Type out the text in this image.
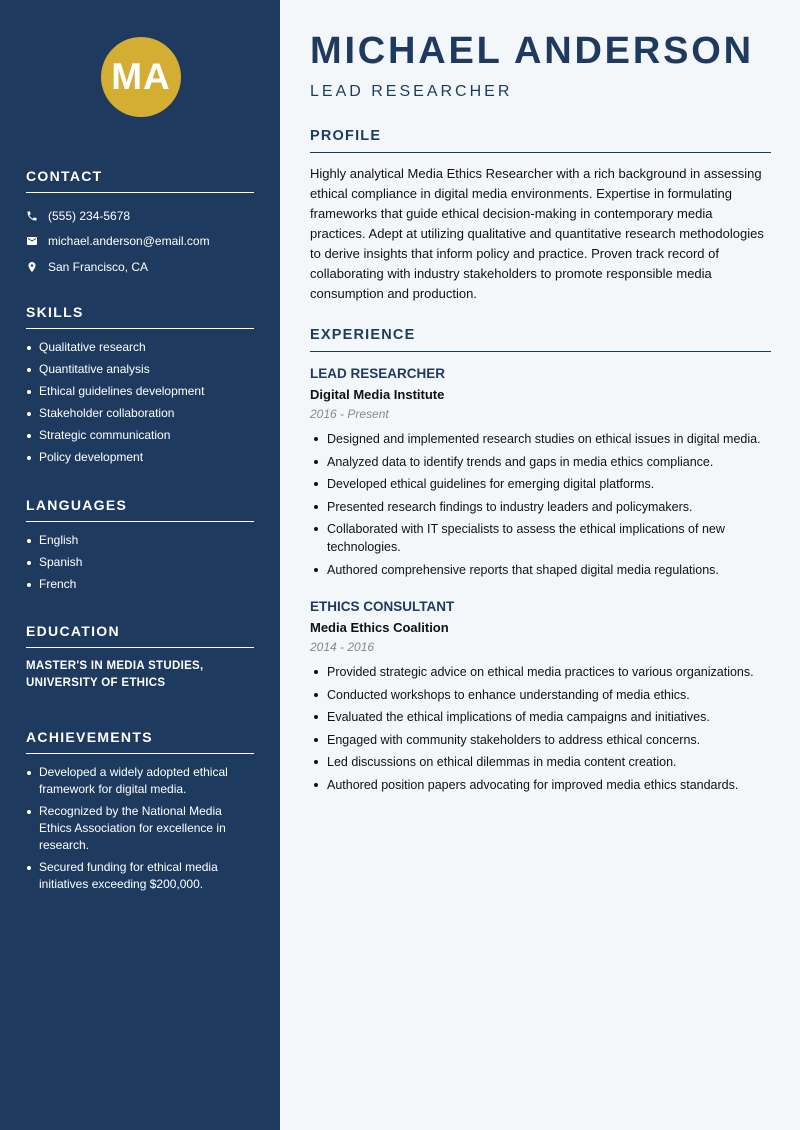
MA
CONTACT
(555) 234-5678
michael.anderson@email.com
San Francisco, CA
SKILLS
Qualitative research
Quantitative analysis
Ethical guidelines development
Stakeholder collaboration
Strategic communication
Policy development
LANGUAGES
English
Spanish
French
EDUCATION

MASTER'S IN MEDIA STUDIES, UNIVERSITY OF ETHICS

ACHIEVEMENTS
Developed a widely adopted ethical framework for digital media.
Recognized by the National Media Ethics Association for excellence in research.
Secured funding for ethical media initiatives exceeding $200,000.
MICHAEL ANDERSON
LEAD RESEARCHER
PROFILE

Highly analytical Media Ethics Researcher with a rich background in assessing ethical compliance in digital media environments. Expertise in formulating frameworks that guide ethical decision-making in contemporary media practices. Adept at utilizing qualitative and quantitative research methodologies to derive insights that inform policy and practice. Proven track record of collaborating with industry stakeholders to promote responsible media consumption and production.

EXPERIENCE
LEAD RESEARCHER
Digital Media Institute
2016 - Present
Designed and implemented research studies on ethical issues in digital media.
Analyzed data to identify trends and gaps in media ethics compliance.
Developed ethical guidelines for emerging digital platforms.
Presented research findings to industry leaders and policymakers.
Collaborated with IT specialists to assess the ethical implications of new technologies.
Authored comprehensive reports that shaped digital media regulations.
ETHICS CONSULTANT
Media Ethics Coalition
2014 - 2016
Provided strategic advice on ethical media practices to various organizations.
Conducted workshops to enhance understanding of media ethics.
Evaluated the ethical implications of media campaigns and initiatives.
Engaged with community stakeholders to address ethical concerns.
Led discussions on ethical dilemmas in media content creation.
Authored position papers advocating for improved media ethics standards.
